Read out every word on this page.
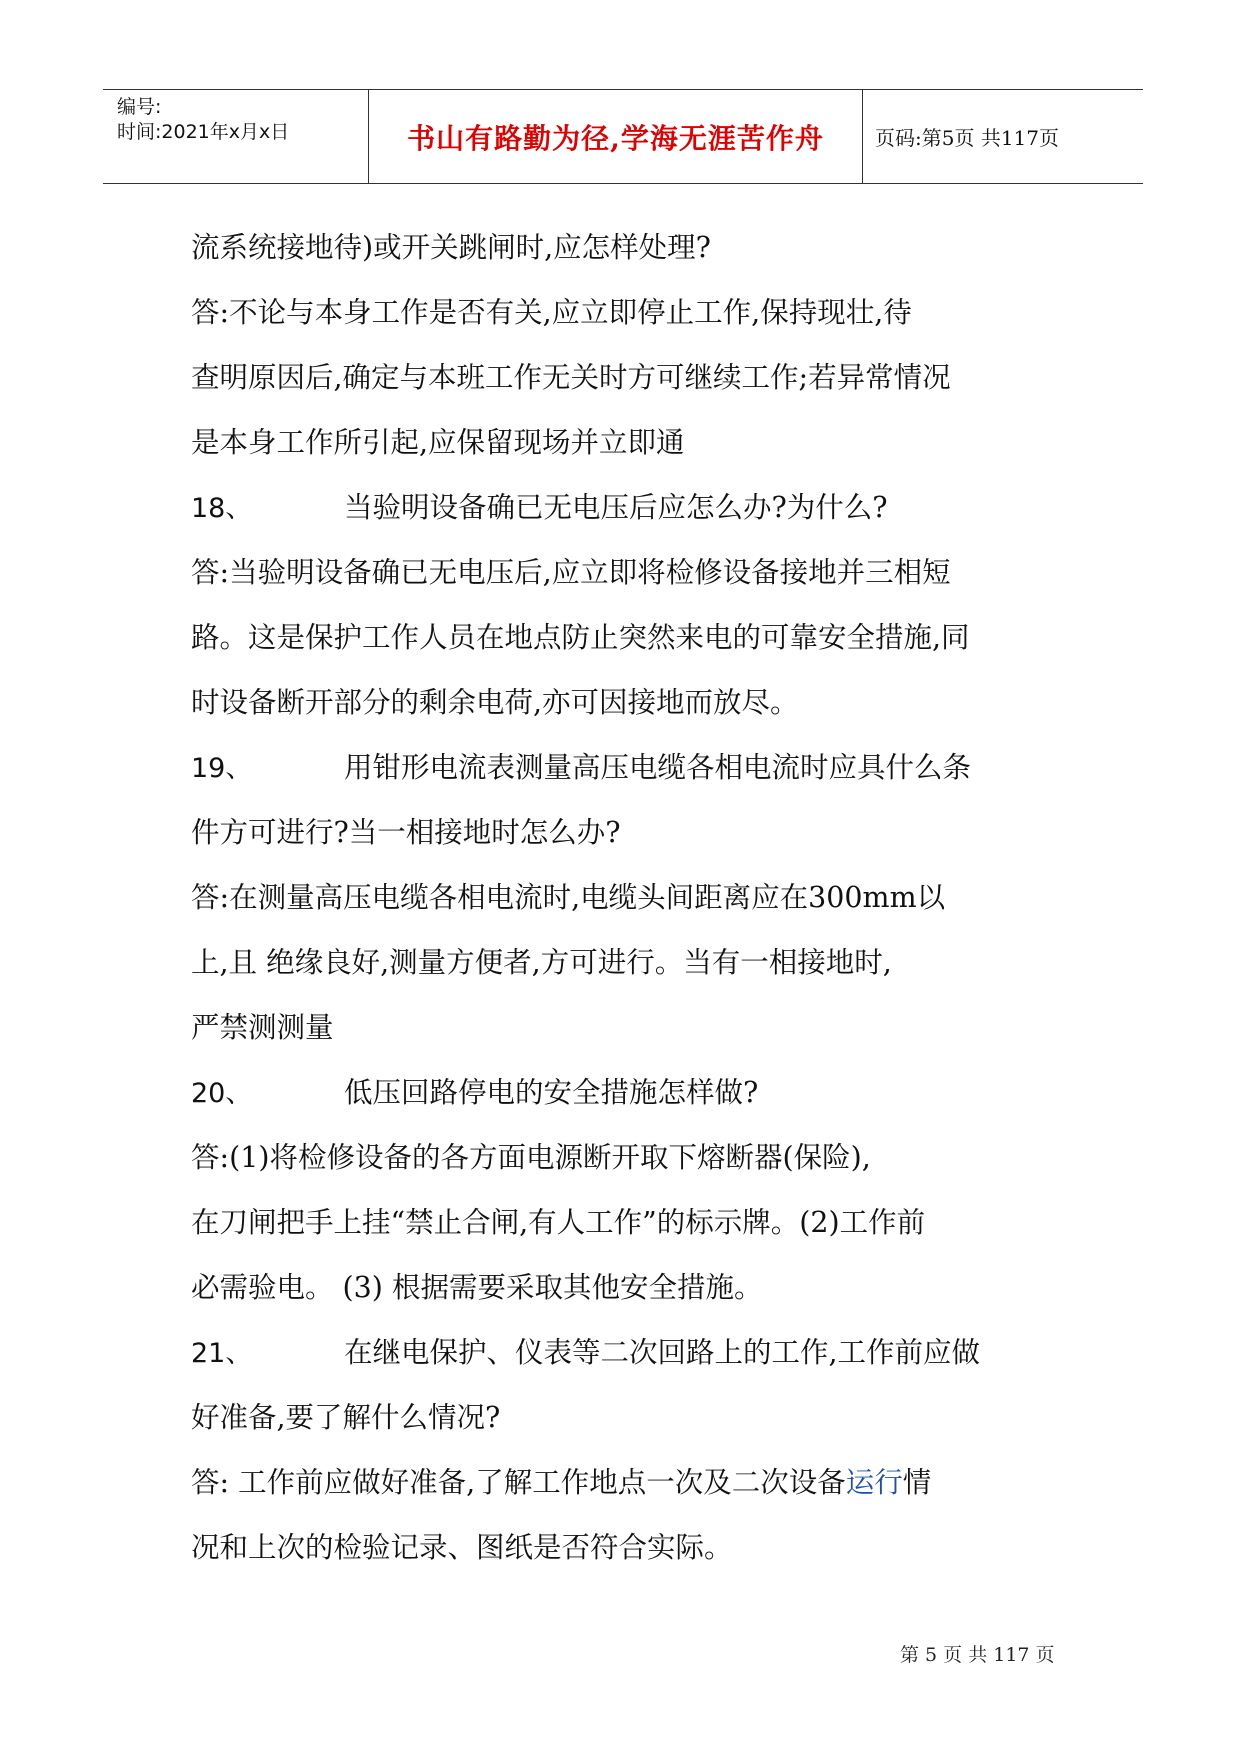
编号:
时间:2021年x月x日	书山有路勤为径,学海无涯苦作舟	页码:第5页 共117页
流系统接地待)或开关跳闸时,应怎样处理?
答:不论与本身工作是否有关,应立即停止工作,保持现壮,待
查明原因后,确定与本班工作无关时方可继续工作;若异常情况
是本身工作所引起,应保留现场并立即通
18、	当验明设备确已无电压后应怎么办?为什么?
答:当验明设备确已无电压后,应立即将检修设备接地并三相短
路。这是保护工作人员在地点防止突然来电的可靠安全措施,同
时设备断开部分的剩余电荷,亦可因接地而放尽。
19、	用钳形电流表测量高压电缆各相电流时应具什么条
件方可进行?当一相接地时怎么办?
答:在测量高压电缆各相电流时,电缆头间距离应在300mm以
上,且 绝缘良好,测量方便者,方可进行。当有一相接地时,
严禁测测量
20、	低压回路停电的安全措施怎样做?
答:(1)将检修设备的各方面电源断开取下熔断器(保险),
在刀闸把手上挂“禁止合闸,有人工作”的标示牌。(2)工作前
必需验电。 (3) 根据需要采取其他安全措施。
21、	在继电保护、仪表等二次回路上的工作,工作前应做
好准备,要了解什么情况?
答: 工作前应做好准备,了解工作地点一次及二次设备运行情
况和上次的检验记录、图纸是否符合实际。
第 5 页 共 117 页
